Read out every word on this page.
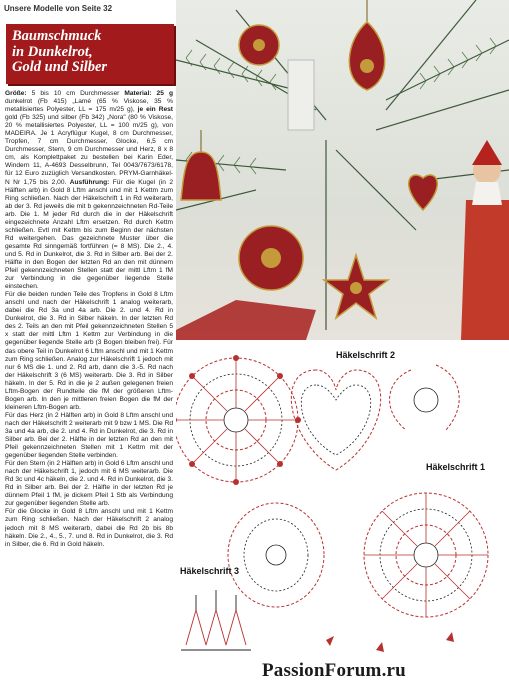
Unsere Modelle von Seite 32
Baumschmuck
in Dunkelrot,
Gold und Silber

Größe: 5 bis 10 cm Durchmesser Material: 25 g dunkelrot (Fb 415) „Lamé (65 % Viskose, 35 % metallisiertes Polyester, LL = 175 m/25 g), je ein Rest gold (Fb 325) und silber (Fb 342) „Nora" (80 % Viskose, 20 % metallisiertes Polyester, LL = 100 m/25 g), von MADEIRA. Je 1 Acryflügur Kugel, 8 cm Durchmesser, Tropfen, 7 cm Durchmesser, Glocke, 6,5 cm Durchmesser, Stern, 9 cm Durchmesser und Herz, 8 x 8 cm, als Komplettpaket zu bestellen bei Karin Eder, Windern 11, A-4693 Desselbrunn, Tel 0043/7673/6178, für 12 Euro zuzüglich Versandkosten. PRYM-Garnhäkel-N Nr 1,75 bis 2,00. Ausführung: Für die Kugel (in 2 Hälften arb) in Gold 8 Lftm anschl und mit 1 Kettm zum Ring schließen. Nach der Häkelschrift 1 in Rd weiterarb, ab der 3. Rd jeweils die mit b gekennzeichneten Rd-Teile arb. Die 1. M jeder Rd durch die in der Häkelschrift eingezeichnete Anzahl Lftm ersetzen. Rd durch Kettm schließen. Evtl mit Kettm bis zum Beginn der nächsten Rd weitergehen. Das gezeichnete Muster über die gesamte Rd sinngemäß fortführen (= 8 MS). Die 2., 4. und 5. Rd in Dunkelrot, die 3. Rd in Silber arb. Bei der 2. Hälfte in den Bogen der letzten Rd an den mit dünnem Pfeil gekennzeichneten Stellen statt der mittl Lftm 1 fM zur Verbindung in die gegenüber liegende Stelle einstechen.

Für die beiden runden Teile des Tropfens in Gold 8 Lftm anschl und nach der Häkelschrift 1 analog weiterarb, dabei die Rd 3a und 4a arb. Die 2. und 4. Rd in Dunkelrot, die 3. Rd in Silber häkeln. In der letzten Rd des 2. Teils an den mit Pfeil gekennzeichneten Stellen 5 x statt der mittl Lftm 1 Kettm zur Verbindung in die gegenüber liegende Stelle arb (3 Bogen bleiben frei). Für das obere Teil in Dunkelrot 6 Lftm anschl und mit 1 Kettm zum Ring schließen. Analog zur Häkelschrift 1 jedoch mit nur 6 MS die 1. und 2. Rd arb, dann die 3.-5. Rd nach der Häkelschrift 3 (6 MS) weiterarb. Die 3. Rd in Silber häkeln. In der 5. Rd in die je 2 außen gelegenen freien Lftm-Bogen der Rundteile die fM der größeren Lftm-Bogen arb. In den je mittleren freien Bogen die fM der kleineren Lftm-Bogen arb.

Für das Herz (in 2 Hälften arb) in Gold 8 Lftm anschl und nach der Häkelschrift 2 weiterarb mit 9 bzw 1 MS. Die Rd 3a und 4a arb, die 2. und 4. Rd in Dunkelrot, die 3. Rd in Silber arb. Bei der 2. Hälfte in der letzten Rd an den mit Pfeil gekennzeichneten Stellen mit 1 Kettm mit der gegenüber liegenden Stelle verbinden.

Für den Stern (in 2 Hälften arb) in Gold 6 Lftm anschl und nach der Häkelschrift 1, jedoch mit 6 MS weiterarb. Die Rd 3c und 4c häkeln, die 2. und 4. Rd in Dunkelrot, die 3. Rd in Silber arb. Bei der 2. Hälfte in der letzten Rd je dünnem Pfeil 1 fM, je dickem Pfeil 1 Stb als Verbindung zur gegenüber liegenden Stelle arb.

Für die Glocke in Gold 8 Lftm anschl und mit 1 Kettm zum Ring schließen. Nach der Häkelschrift 2 analog jedoch mit 8 MS weiterarb, dabei die Rd 2b bis 8b häkeln. Die 2., 4., 5., 7. und 8. Rd in Dunkelrot, die 3. Rd in Silber, die 6. Rd in Gold häkeln.

Häkelschrift 2
Häkelschrift 1
Häkelschrift 3
PassionForum.ru
